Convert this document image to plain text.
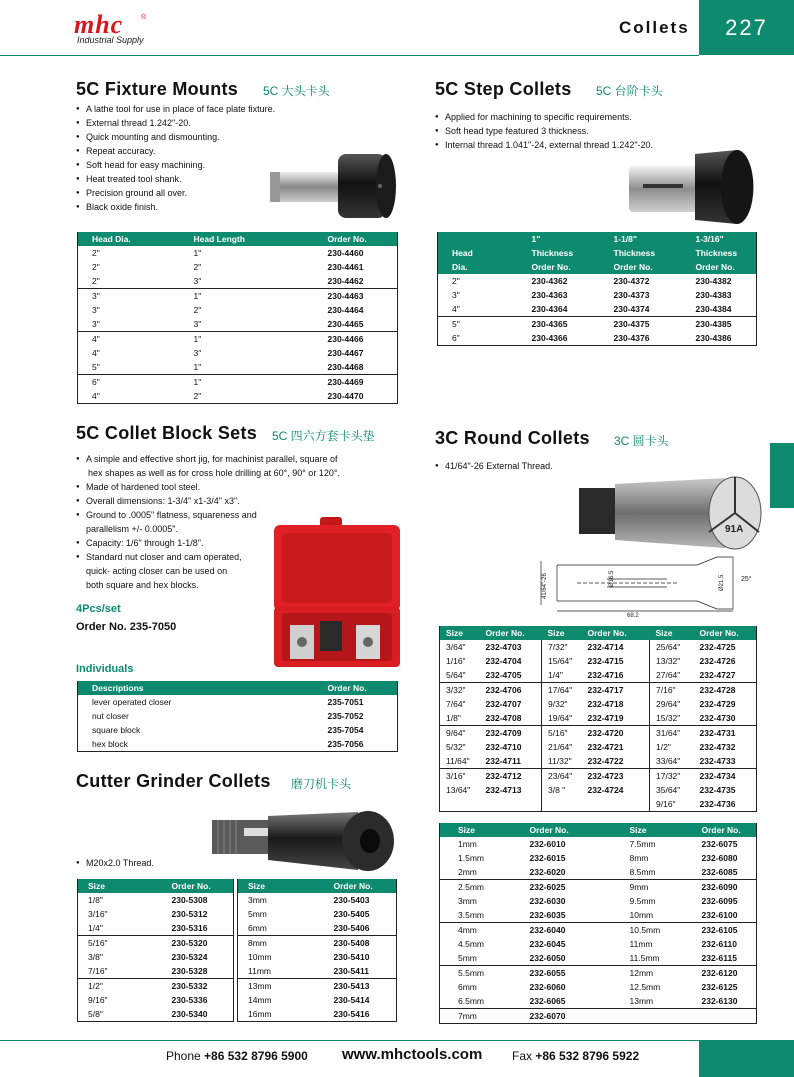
mhc	®
Industrial Supply
Collets	227
5C Fixture Mounts 5C 大头卡头
● A lathe tool for use in place of face plate fixture.
● External thread 1.242"-20.
● Quick mounting and dismounting.
● Repeat accuracy.
● Soft head for easy machining.
● Heat treated tool shank.
● Precision ground all over.
● Black oxide finish.
Head Dia.	Head Length	Order No.
2"	1"	230-4460
2"	2"	230-4461
2"	3"	230-4462
3"	1"	230-4463
3"	2"	230-4464
3"	3"	230-4465
4"	1"	230-4466
4"	3"	230-4467
5"	1"	230-4468
6"	1"	230-4469
4"	2"	230-4470
5C Step Collets 5C 台阶卡头
● Applied for machining to specific requirements.
● Soft head type featured 3 thickness.
● Internal thread 1.041"-24, external thread 1.242"-20.
	1"	1-1/8"	1-3/16"
Head	Thickness	Thickness	Thickness
Dia.	Order No.	Order No.	Order No.
2"	230-4362	230-4372	230-4382
3"	230-4363	230-4373	230-4383
4"	230-4364	230-4374	230-4384
5"	230-4365	230-4375	230-4385
6"	230-4366	230-4376	230-4386
5C Collet Block Sets 5C 四六方套卡头垫
● A simple and effective short jig, for machinist parallel, square of
hex shapes as well as for cross hole drilling at 60°, 90° or 120°.
● Made of hardened tool steel.
● Overall dimensions: 1-3/4" x1-3/4" x3".
● Ground to .0005" flatness, squareness and
parallelism +/- 0.0005".
● Capacity: 1/6" through 1-1/8".
● Standard nut closer and cam operated,
quick- acting closer can be used on
both square and hex blocks.
4Pcs/set
Order No. 235-7050
Individuals
Descriptions	Order No.
lever operated closer	235-7051
nut closer	235-7052
square block	235-7054
hex block	235-7056
3C Round Collets 3C 圆卡头
● 41/64"-26 External Thread.
91A
41/64"-26	Ø16.5	Ø21.5 25°
68.2
Size	Order No.	Size	Order No.	Size	Order No.
3/64"	232-4703	7/32"	232-4714	25/64"	232-4725
1/16"	232-4704	15/64"	232-4715	13/32"	232-4726
5/64"	232-4705	1/4"	232-4716	27/64"	232-4727
3/32"	232-4706	17/64"	232-4717	7/16"	232-4728
7/64"	232-4707	9/32"	232-4718	29/64"	232-4729
1/8"	232-4708	19/64"	232-4719	15/32"	232-4730
9/64"	232-4709	5/16"	232-4720	31/64"	232-4731
5/32"	232-4710	21/64"	232-4721	1/2"	232-4732
11/64"	232-4711	11/32"	232-4722	33/64"	232-4733
3/16"	232-4712	23/64"	232-4723	17/32"	232-4734
13/64"	232-4713	3/8 "	232-4724	35/64"	232-4735
				9/16"	232-4736
Size	Order No.	Size	Order No.
1mm	232-6010	7.5mm	232-6075
1.5mm	232-6015	8mm	232-6080
2mm	232-6020	8.5mm	232-6085
2.5mm	232-6025	9mm	232-6090
3mm	232-6030	9.5mm	232-6095
3.5mm	232-6035	10mm	232-6100
4mm	232-6040	10.5mm	232-6105
4.5mm	232-6045	11mm	232-6110
5mm	232-6050	11.5mm	232-6115
5.5mm	232-6055	12mm	232-6120
6mm	232-6060	12.5mm	232-6125
6.5mm	232-6065	13mm	232-6130
7mm	232-6070		
Cutter Grinder Collets 磨刀机卡头
● M20x2.0 Thread.
Size	Order No.
1/8"	230-5308
3/16"	230-5312
1/4"	230-5316
5/16"	230-5320
3/8"	230-5324
7/16"	230-5328
1/2"	230-5332
9/16"	230-5336
5/8"	230-5340
Size	Order No.
3mm	230-5403
5mm	230-5405
6mm	230-5406
8mm	230-5408
10mm	230-5410
11mm	230-5411
13mm	230-5413
14mm	230-5414
16mm	230-5416
Phone +86 532 8796 5900 www.mhctools.com Fax +86 532 8796 5922
